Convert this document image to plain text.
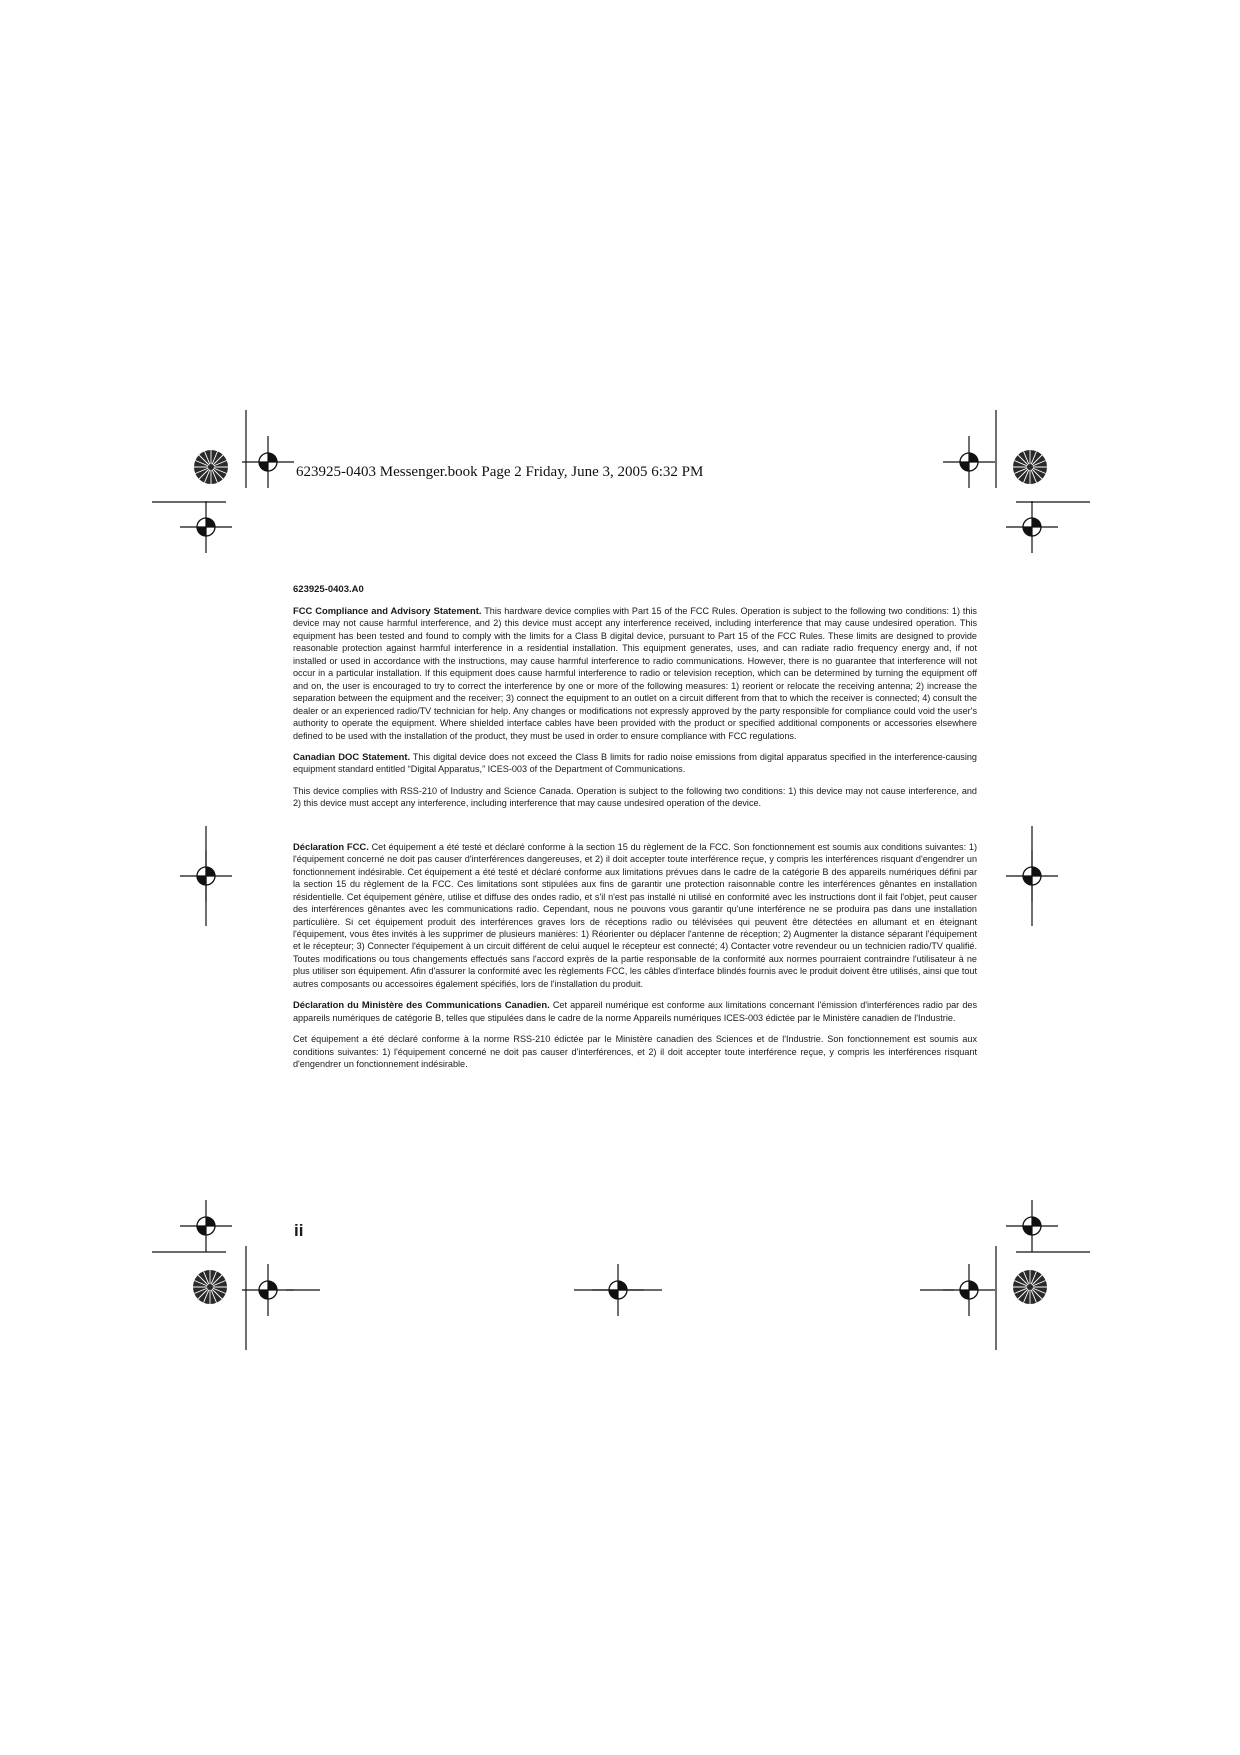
623925-0403 Messenger.book Page 2 Friday, June 3, 2005 6:32 PM
623925-0403.A0

FCC Compliance and Advisory Statement. This hardware device complies with Part 15 of the FCC Rules. Operation is subject to the following two conditions: 1) this device may not cause harmful interference, and 2) this device must accept any interference received, including interference that may cause undesired operation. This equipment has been tested and found to comply with the limits for a Class B digital device, pursuant to Part 15 of the FCC Rules. These limits are designed to provide reasonable protection against harmful interference in a residential installation. This equipment generates, uses, and can radiate radio frequency energy and, if not installed or used in accordance with the instructions, may cause harmful interference to radio communications. However, there is no guarantee that interference will not occur in a particular installation. If this equipment does cause harmful interference to radio or television reception, which can be determined by turning the equipment off and on, the user is encouraged to try to correct the interference by one or more of the following measures: 1) reorient or relocate the receiving antenna; 2) increase the separation between the equipment and the receiver; 3) connect the equipment to an outlet on a circuit different from that to which the receiver is connected; 4) consult the dealer or an experienced radio/TV technician for help. Any changes or modifications not expressly approved by the party responsible for compliance could void the user's authority to operate the equipment. Where shielded interface cables have been provided with the product or specified additional components or accessories elsewhere defined to be used with the installation of the product, they must be used in order to ensure compliance with FCC regulations.

Canadian DOC Statement. This digital device does not exceed the Class B limits for radio noise emissions from digital apparatus specified in the interference-causing equipment standard entitled “Digital Apparatus,” ICES-003 of the Department of Communications.

This device complies with RSS-210 of Industry and Science Canada. Operation is subject to the following two conditions: 1) this device may not cause interference, and 2) this device must accept any interference, including interference that may cause undesired operation of the device.

Déclaration FCC. Cet équipement a été testé et déclaré conforme à la section 15 du règlement de la FCC. Son fonctionnement est soumis aux conditions suivantes: 1) l'équipement concerné ne doit pas causer d'interférences dangereuses, et 2) il doit accepter toute interférence reçue, y compris les interférences risquant d'engendrer un fonctionnement indésirable. Cet équipement a été testé et déclaré conforme aux limitations prévues dans le cadre de la catégorie B des appareils numériques défini par la section 15 du règlement de la FCC. Ces limitations sont stipulées aux fins de garantir une protection raisonnable contre les interférences gênantes en installation résidentielle. Cet équipement génère, utilise et diffuse des ondes radio, et s'il n'est pas installé ni utilisé en conformité avec les instructions dont il fait l'objet, peut causer des interférences gênantes avec les communications radio. Cependant, nous ne pouvons vous garantir qu'une interférence ne se produira pas dans une installation particulière. Si cet équipement produit des interférences graves lors de réceptions radio ou télévisées qui peuvent être détectées en allumant et en éteignant l'équipement, vous êtes invités à les supprimer de plusieurs manières: 1) Réorienter ou déplacer l'antenne de réception; 2) Augmenter la distance séparant l'équipement et le récepteur; 3) Connecter l'équipement à un circuit différent de celui auquel le récepteur est connecté; 4) Contacter votre revendeur ou un technicien radio/TV qualifié. Toutes modifications ou tous changements effectués sans l'accord exprès de la partie responsable de la conformité aux normes pourraient contraindre l'utilisateur à ne plus utiliser son équipement. Afin d'assurer la conformité avec les règlements FCC, les câbles d'interface blindés fournis avec le produit doivent être utilisés, ainsi que tout autres composants ou accessoires également spécifiés, lors de l'installation du produit.

Déclaration du Ministère des Communications Canadien. Cet appareil numérique est conforme aux limitations concernant l'émission d'interférences radio par des appareils numériques de catégorie B, telles que stipulées dans le cadre de la norme Appareils numériques ICES-003 édictée par le Ministère canadien de l'Industrie.

Cet équipement a été déclaré conforme à la norme RSS-210 édictée par le Ministère canadien des Sciences et de l'Industrie. Son fonctionnement est soumis aux conditions suivantes: 1) l'équipement concerné ne doit pas causer d'interférences, et 2) il doit accepter toute interférence reçue, y compris les interférences risquant d'engendrer un fonctionnement indésirable.

ii
